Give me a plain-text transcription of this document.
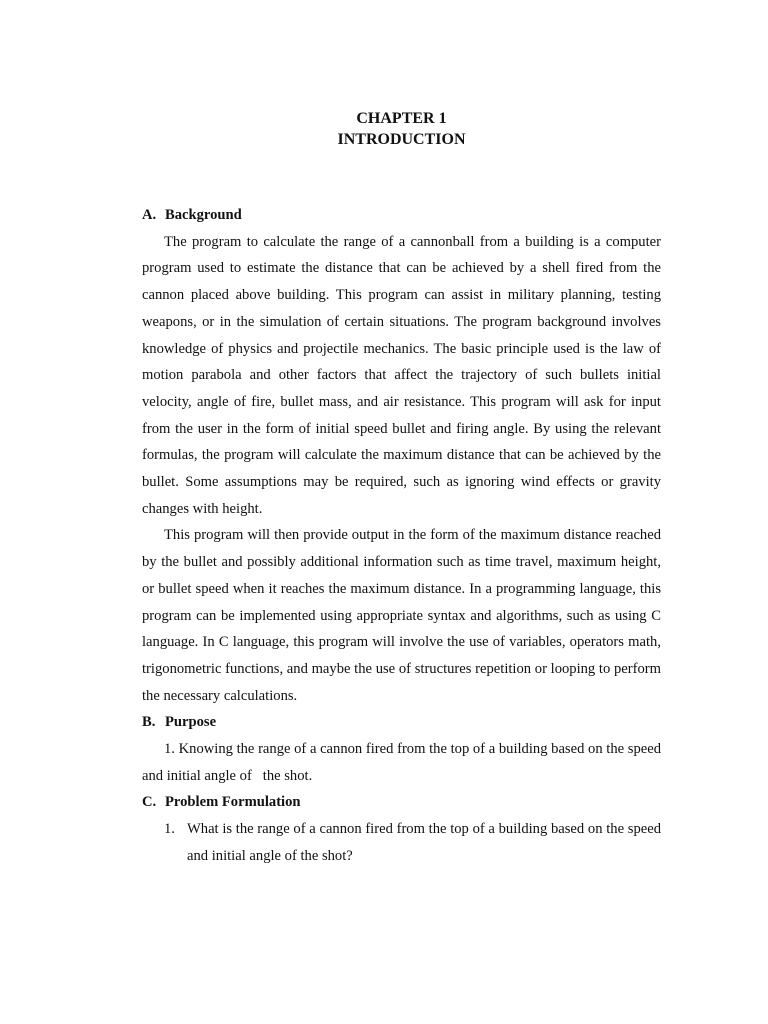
CHAPTER 1

INTRODUCTION

A. Background

The program to calculate the range of a cannonball from a building is a computer program used to estimate the distance that can be achieved by a shell fired from the cannon placed above building. This program can assist in military planning, testing weapons, or in the simulation of certain situations. The program background involves knowledge of physics and projectile mechanics. The basic principle used is the law of motion parabola and other factors that affect the trajectory of such bullets initial velocity, angle of fire, bullet mass, and air resistance. This program will ask for input from the user in the form of initial speed bullet and firing angle. By using the relevant formulas, the program will calculate the maximum distance that can be achieved by the bullet. Some assumptions may be required, such as ignoring wind effects or gravity changes with height.

This program will then provide output in the form of the maximum distance reached by the bullet and possibly additional information such as time travel, maximum height, or bullet speed when it reaches the maximum distance. In a programming language, this program can be implemented using appropriate syntax and algorithms, such as using C language. In C language, this program will involve the use of variables, operators math, trigonometric functions, and maybe the use of structures repetition or looping to perform the necessary calculations.

B. Purpose

1. Knowing the range of a cannon fired from the top of a building based on the speed and initial angle of   the shot.

C. Problem Formulation
1. What is the range of a cannon fired from the top of a building based on the speed and initial angle of the shot?
